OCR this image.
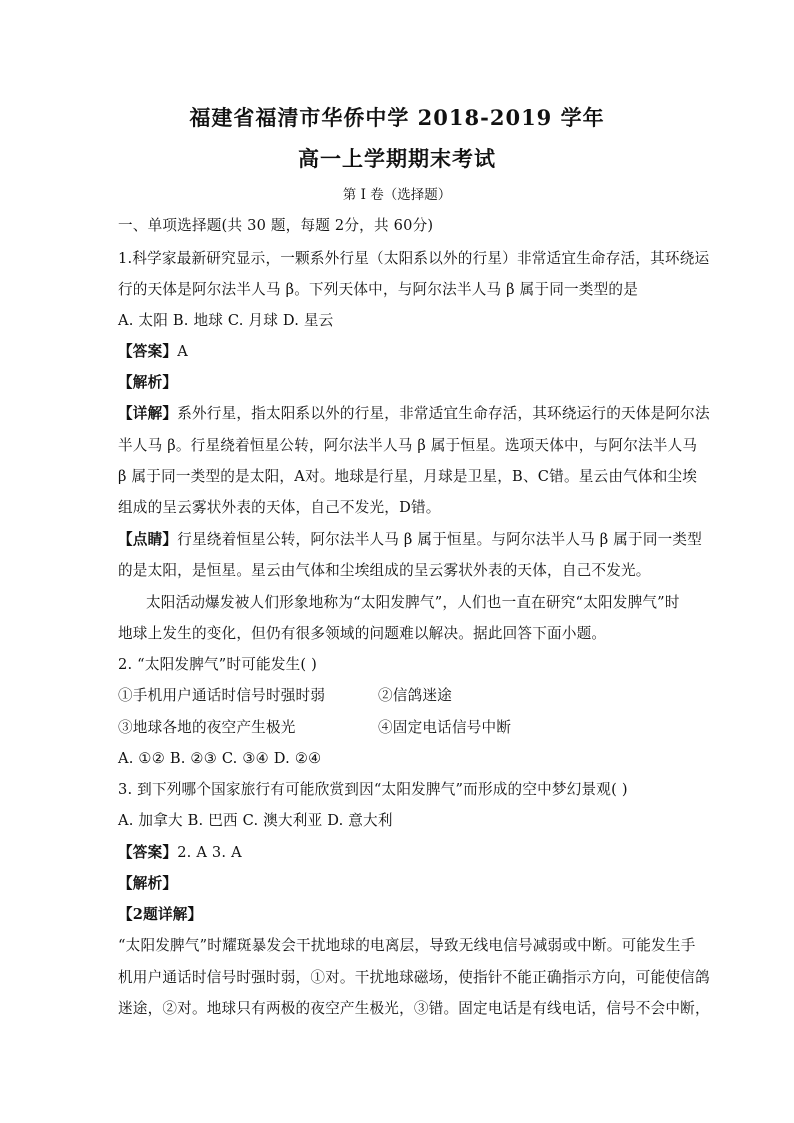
福建省福清市华侨中学 2018-2019 学年
高一上学期期末考试
第 I 卷（选择题）
一、单项选择题(共 30 题，每题 2分，共 60分)
1.科学家最新研究显示，一颗系外行星（太阳系以外的行星）非常适宜生命存活，其环绕运
行的天体是阿尔法半人马 β。下列天体中，与阿尔法半人马 β 属于同一类型的是
A. 太阳 B. 地球 C. 月球 D. 星云
【答案】A
【解析】
【详解】系外行星，指太阳系以外的行星，非常适宜生命存活，其环绕运行的天体是阿尔法
半人马 β。行星绕着恒星公转，阿尔法半人马 β 属于恒星。选项天体中，与阿尔法半人马
β 属于同一类型的是太阳，A对。地球是行星，月球是卫星，B、C错。星云由气体和尘埃
组成的呈云雾状外表的天体，自己不发光，D错。
【点睛】行星绕着恒星公转，阿尔法半人马 β 属于恒星。与阿尔法半人马 β 属于同一类型
的是太阳，是恒星。星云由气体和尘埃组成的呈云雾状外表的天体，自己不发光。
太阳活动爆发被人们形象地称为“太阳发脾气”，人们也一直在研究“太阳发脾气”时
地球上发生的变化，但仍有很多领域的问题难以解决。据此回答下面小题。
2. “太阳发脾气”时可能发生( )
①手机用户通话时信号时强时弱	②信鸽迷途
③地球各地的夜空产生极光	④固定电话信号中断
A. ①② B. ②③ C. ③④ D. ②④
3. 到下列哪个国家旅行有可能欣赏到因“太阳发脾气”而形成的空中梦幻景观( )
A. 加拿大 B. 巴西 C. 澳大利亚 D. 意大利
【答案】2. A 3. A
【解析】
【2题详解】
“太阳发脾气”时耀斑暴发会干扰地球的电离层，导致无线电信号减弱或中断。可能发生手
机用户通话时信号时强时弱，①对。干扰地球磁场，使指针不能正确指示方向，可能使信鸽
迷途，②对。地球只有两极的夜空产生极光，③错。固定电话是有线电话，信号不会中断，
